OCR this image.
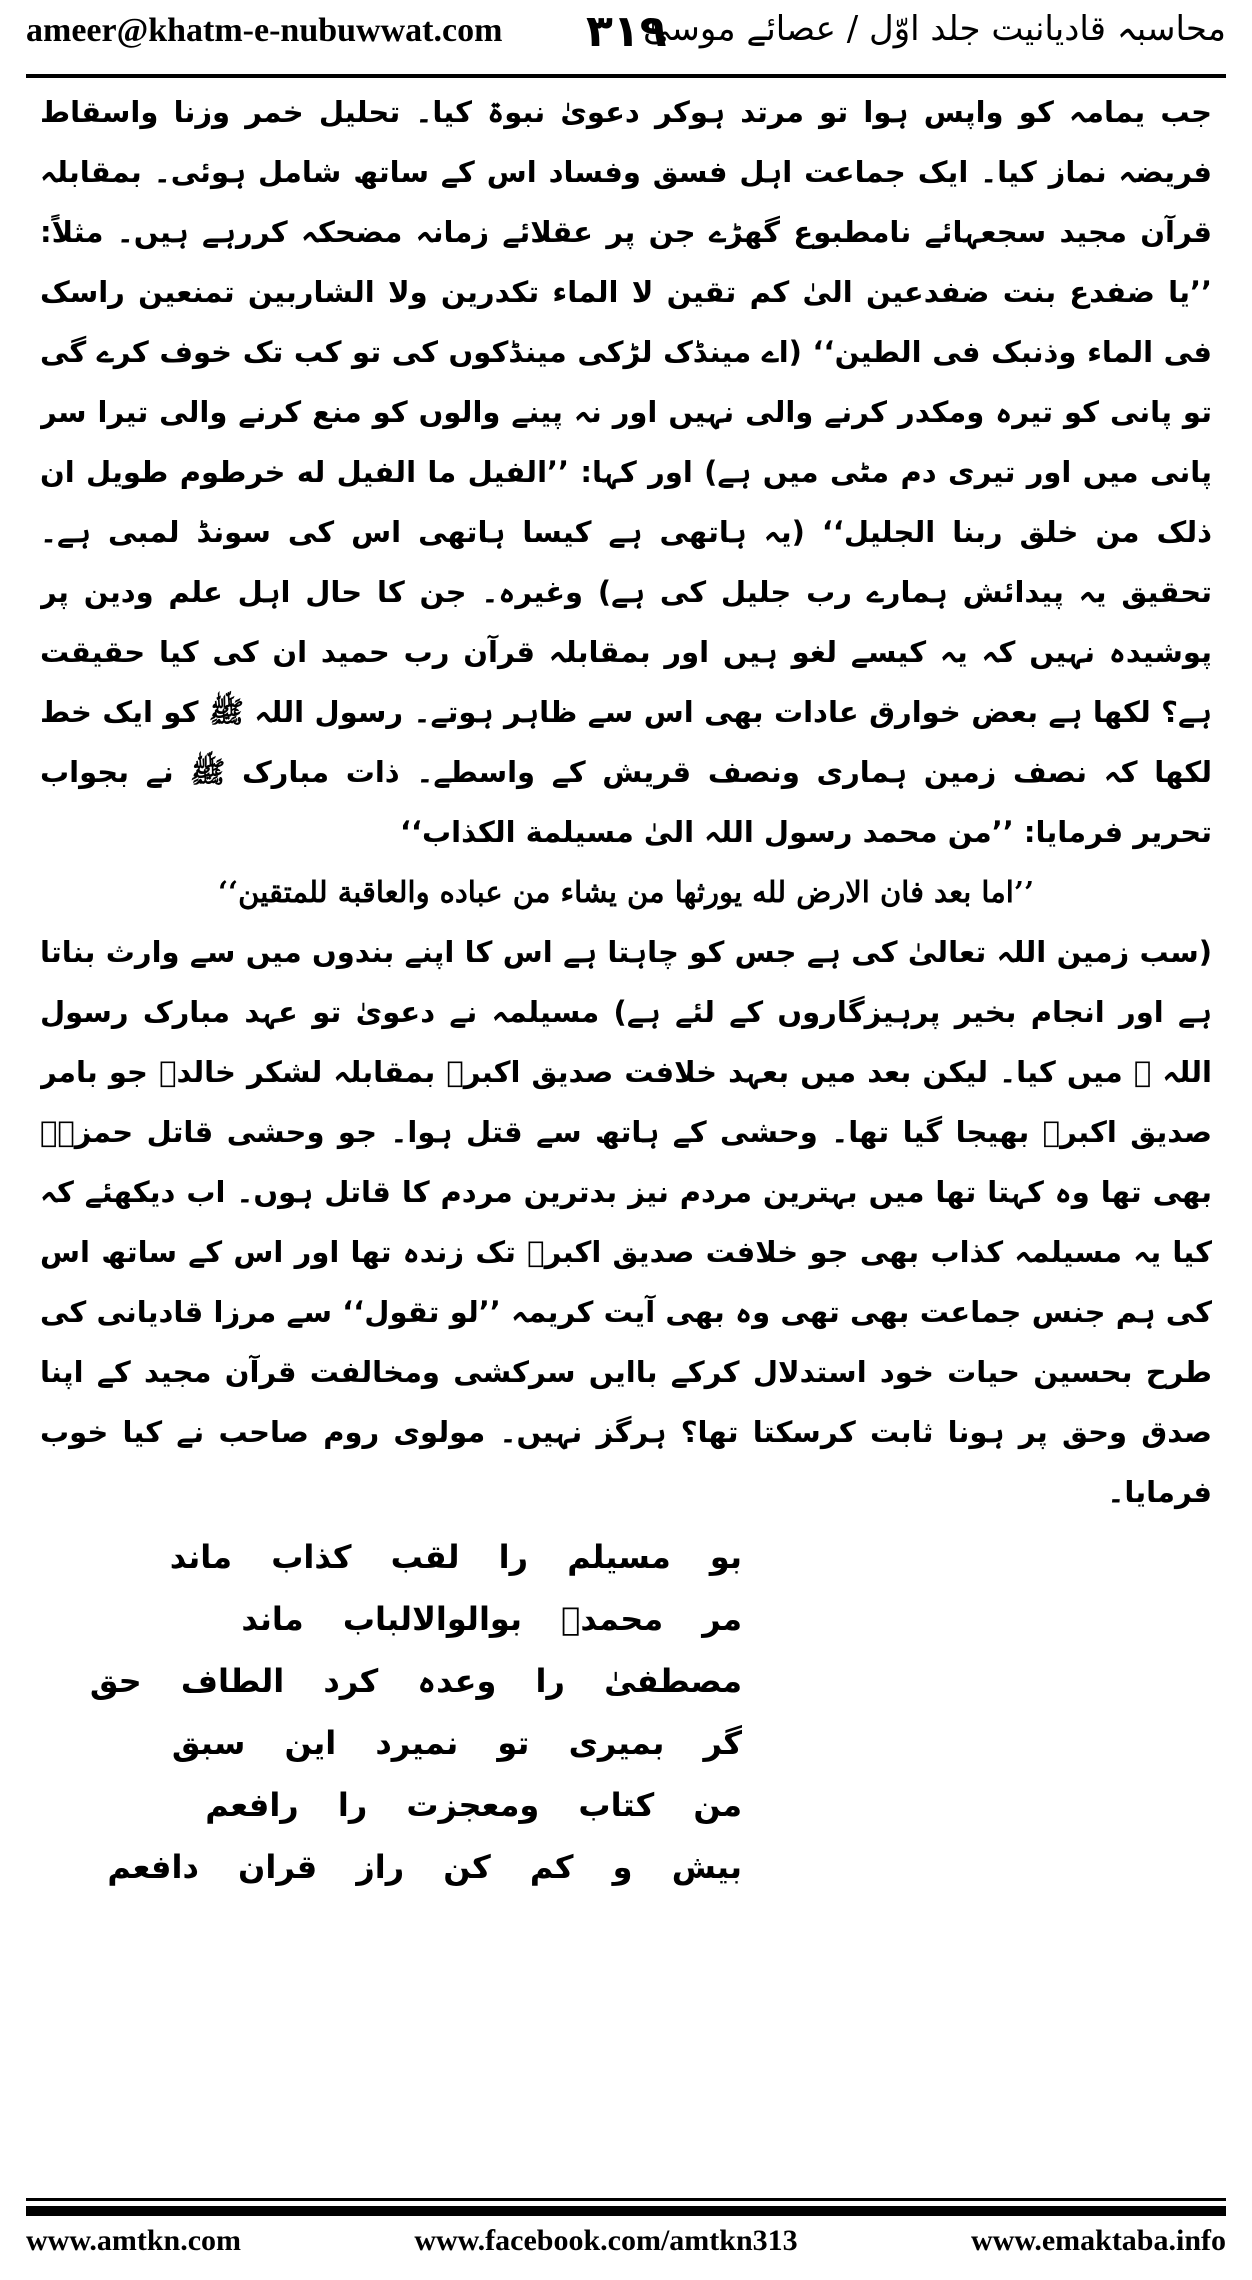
ameer@khatm-e-nubuwwat.com ٣١٩
محاسبہ قادیانیت جلد اوّل / عصائے موسیٰ

جب یمامہ کو واپس ہوا تو مرتد ہوکر دعویٰ نبوۃ کیا۔ تحلیل خمر وزنا واسقاط فریضہ نماز کیا۔ ایک جماعت اہل فسق وفساد اس کے ساتھ شامل ہوئی۔ بمقابلہ قرآن مجید سجعہائے نامطبوع گھڑے جن پر عقلائے زمانہ مضحکہ کررہے ہیں۔ مثلاً: ’’یا ضفدع بنت ضفدعین الیٰ کم تقین لا الماء تکدرین ولا الشاربین تمنعین راسک فی الماء وذنبک فی الطین‘‘ (اے مینڈک لڑکی مینڈکوں کی تو کب تک خوف کرے گی تو پانی کو تیرہ ومکدر کرنے والی نہیں اور نہ پینے والوں کو منع کرنے والی تیرا سر پانی میں اور تیری دم مٹی میں ہے) اور کہا: ’’الفیل ما الفیل له خرطوم طویل ان ذلک من خلق ربنا الجلیل‘‘ (یہ ہاتھی ہے کیسا ہاتھی اس کی سونڈ لمبی ہے۔ تحقیق یہ پیدائش ہمارے رب جلیل کی ہے) وغیرہ۔ جن کا حال اہل علم ودین پر پوشیدہ نہیں کہ یہ کیسے لغو ہیں اور بمقابلہ قرآن رب حمید ان کی کیا حقیقت ہے؟ لکھا ہے بعض خوارق عادات بھی اس سے ظاہر ہوتے۔ رسول اللہ ﷺ کو ایک خط لکھا کہ نصف زمین ہماری ونصف قریش کے واسطے۔ ذات مبارک ﷺ نے بجواب تحریر فرمایا: ’’من محمد رسول اللہ الیٰ مسیلمة الکذاب‘‘

’’اما بعد فان الارض لله یورثها من یشاء من عباده والعاقبة للمتقین‘‘

(سب زمین اللہ تعالیٰ کی ہے جس کو چاہتا ہے اس کا اپنے بندوں میں سے وارث بناتا ہے اور انجام بخیر پرہیزگاروں کے لئے ہے) مسیلمہ نے دعویٰ تو عہد مبارک رسول اللہ ﷺ میں کیا۔ لیکن بعد میں بعہد خلافت صدیق اکبرؓ بمقابلہ لشکر خالدؓ جو بامر صدیق اکبرؓ بھیجا گیا تھا۔ وحشی کے ہاتھ سے قتل ہوا۔ جو وحشی قاتل حمزہؓ بھی تھا وہ کہتا تھا میں بہترین مردم نیز بدترین مردم کا قاتل ہوں۔ اب دیکھئے کہ کیا یہ مسیلمہ کذاب بھی جو خلافت صدیق اکبرؓ تک زندہ تھا اور اس کے ساتھ اس کی ہم جنس جماعت بھی تھی وہ بھی آیت کریمہ ’’لو تقول‘‘ سے مرزا قادیانی کی طرح بحسین حیات خود استدلال کرکے باایں سرکشی ومخالفت قرآن مجید کے اپنا صدق وحق پر ہونا ثابت کرسکتا تھا؟ ہرگز نہیں۔ مولوی روم صاحب نے کیا خوب فرمایا۔

بو مسیلم را لقب کذاب ماند
مر محمدؐ بوالوالالباب ماند
مصطفیٰ را وعدہ کرد الطاف حق
گر بمیری تو نمیرد این سبق
من کتاب ومعجزت را رافعم
بیش و کم کن راز قران دافعم
www.amtkn.com	www.facebook.com/amtkn313	www.emaktaba.info
